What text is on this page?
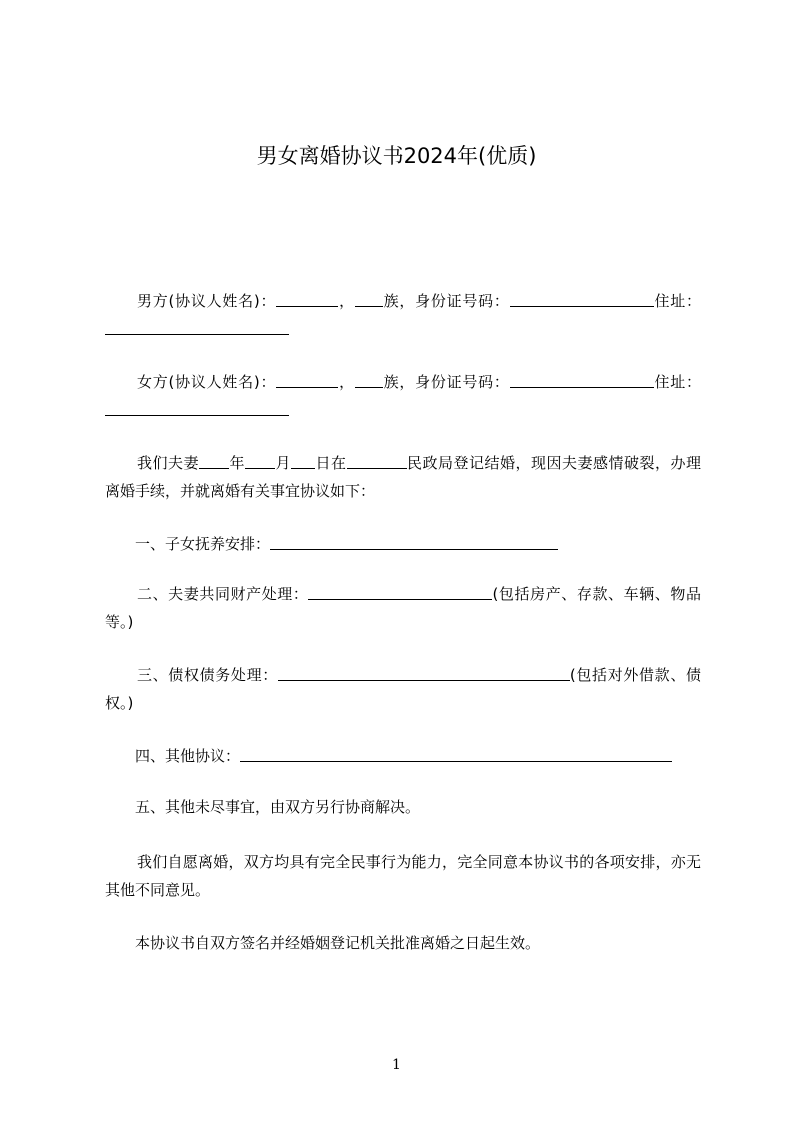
男女离婚协议书2024年(优质)
男方(协议人姓名)：	， 族，身份证号码：	住址：
女方(协议人姓名)：	， 族，身份证号码：	住址：
我们夫妻 年 月 日在	民政局登记结婚，现因夫妻感情破裂，办理离婚手续，并就离婚有关事宜协议如下：
一、子女抚养安排：
二、夫妻共同财产处理：	(包括房产、存款、车辆、物品等。)
三、债权债务处理：	(包括对外借款、债权。)
四、其他协议：
五、其他未尽事宜，由双方另行协商解决。
我们自愿离婚，双方均具有完全民事行为能力，完全同意本协议书的各项安排，亦无其他不同意见。
本协议书自双方签名并经婚姻登记机关批准离婚之日起生效。
1
